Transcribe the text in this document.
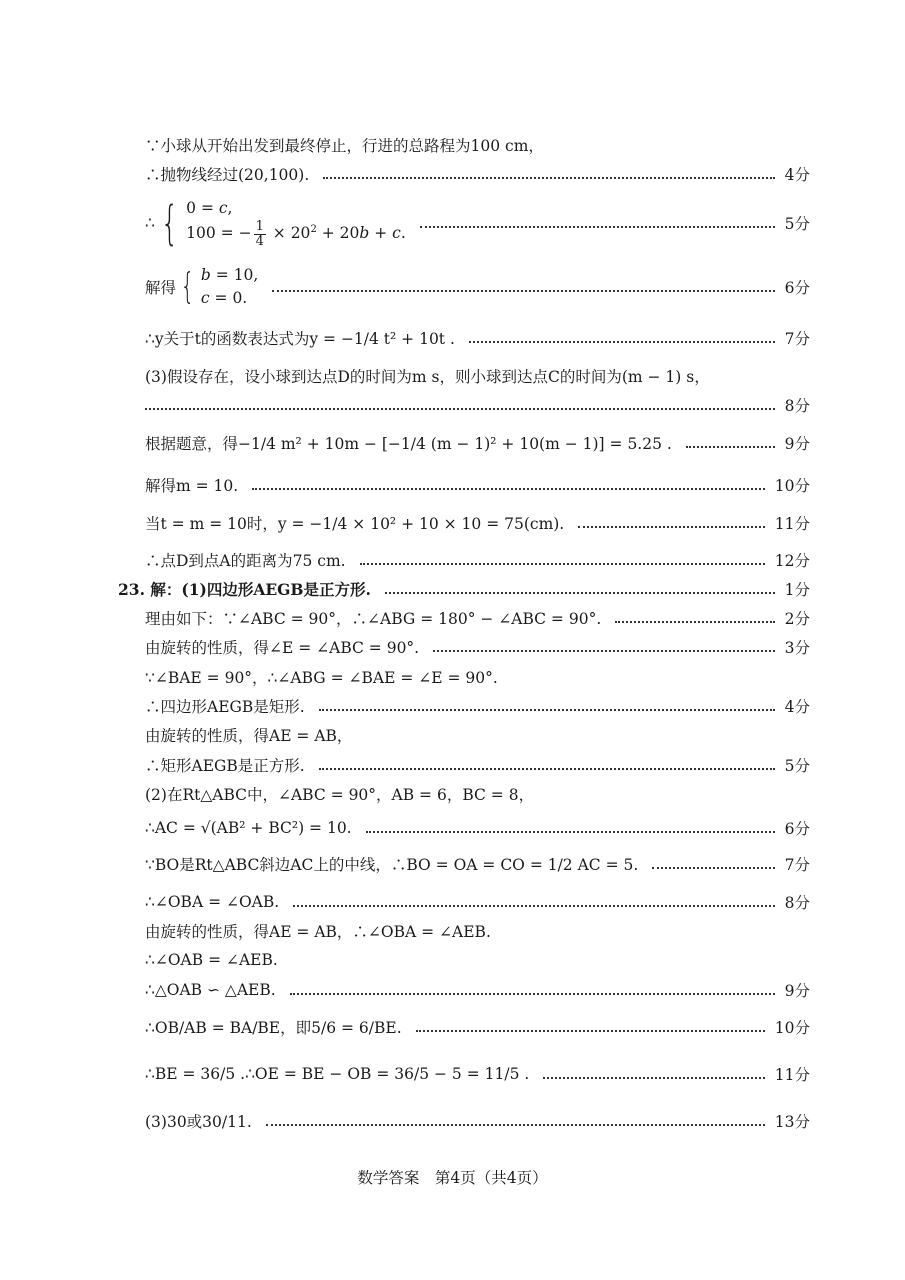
∵小球从开始出发到最终停止，行进的总路程为100 cm，
∴抛物线经过(20,100).	4分
∴ { 0 = c,
100 = − $\frac{1}{4} \times 20^2 + 20b + c$.
5分
解得 { b = 10,
c = 0.
6分
∴y关于t的函数表达式为y = −1/4 t² + 10t .	7分
(3)假设存在，设小球到达点D的时间为m s，则小球到达点C的时间为(m − 1) s，
8分
根据题意，得−1/4 m² + 10m − [−1/4 (m − 1)² + 10(m − 1)] = 5.25 .	9分
解得m = 10.	10分
当t = m = 10时，y = −1/4 × 10² + 10 × 10 = 75(cm).	11分
∴点D到点A的距离为75 cm.	12分
23. 解：(1)四边形AEGB是正方形.	1分
理由如下：∵∠ABC = 90°，∴∠ABG = 180° − ∠ABC = 90°.	2分
由旋转的性质，得∠E = ∠ABC = 90°.	3分
∵∠BAE = 90°，∴∠ABG = ∠BAE = ∠E = 90°.
∴四边形AEGB是矩形.	4分
由旋转的性质，得AE = AB，
∴矩形AEGB是正方形.	5分
(2)在Rt△ABC中，∠ABC = 90°，AB = 6，BC = 8，
∴AC = √(AB² + BC²) = 10.	6分
∵BO是Rt△ABC斜边AC上的中线，∴BO = OA = CO = 1/2 AC = 5.	7分
∴∠OBA = ∠OAB.	8分
由旋转的性质，得AE = AB，∴∠OBA = ∠AEB.
∴∠OAB = ∠AEB.
∴△OAB ∽ △AEB.	9分
∴OB/AB = BA/BE，即5/6 = 6/BE.	10分
∴BE = 36/5 .∴OE = BE − OB = 36/5 − 5 = 11/5 .	11分
(3)30或30/11.	13分
数学答案　第4页（共4页）
